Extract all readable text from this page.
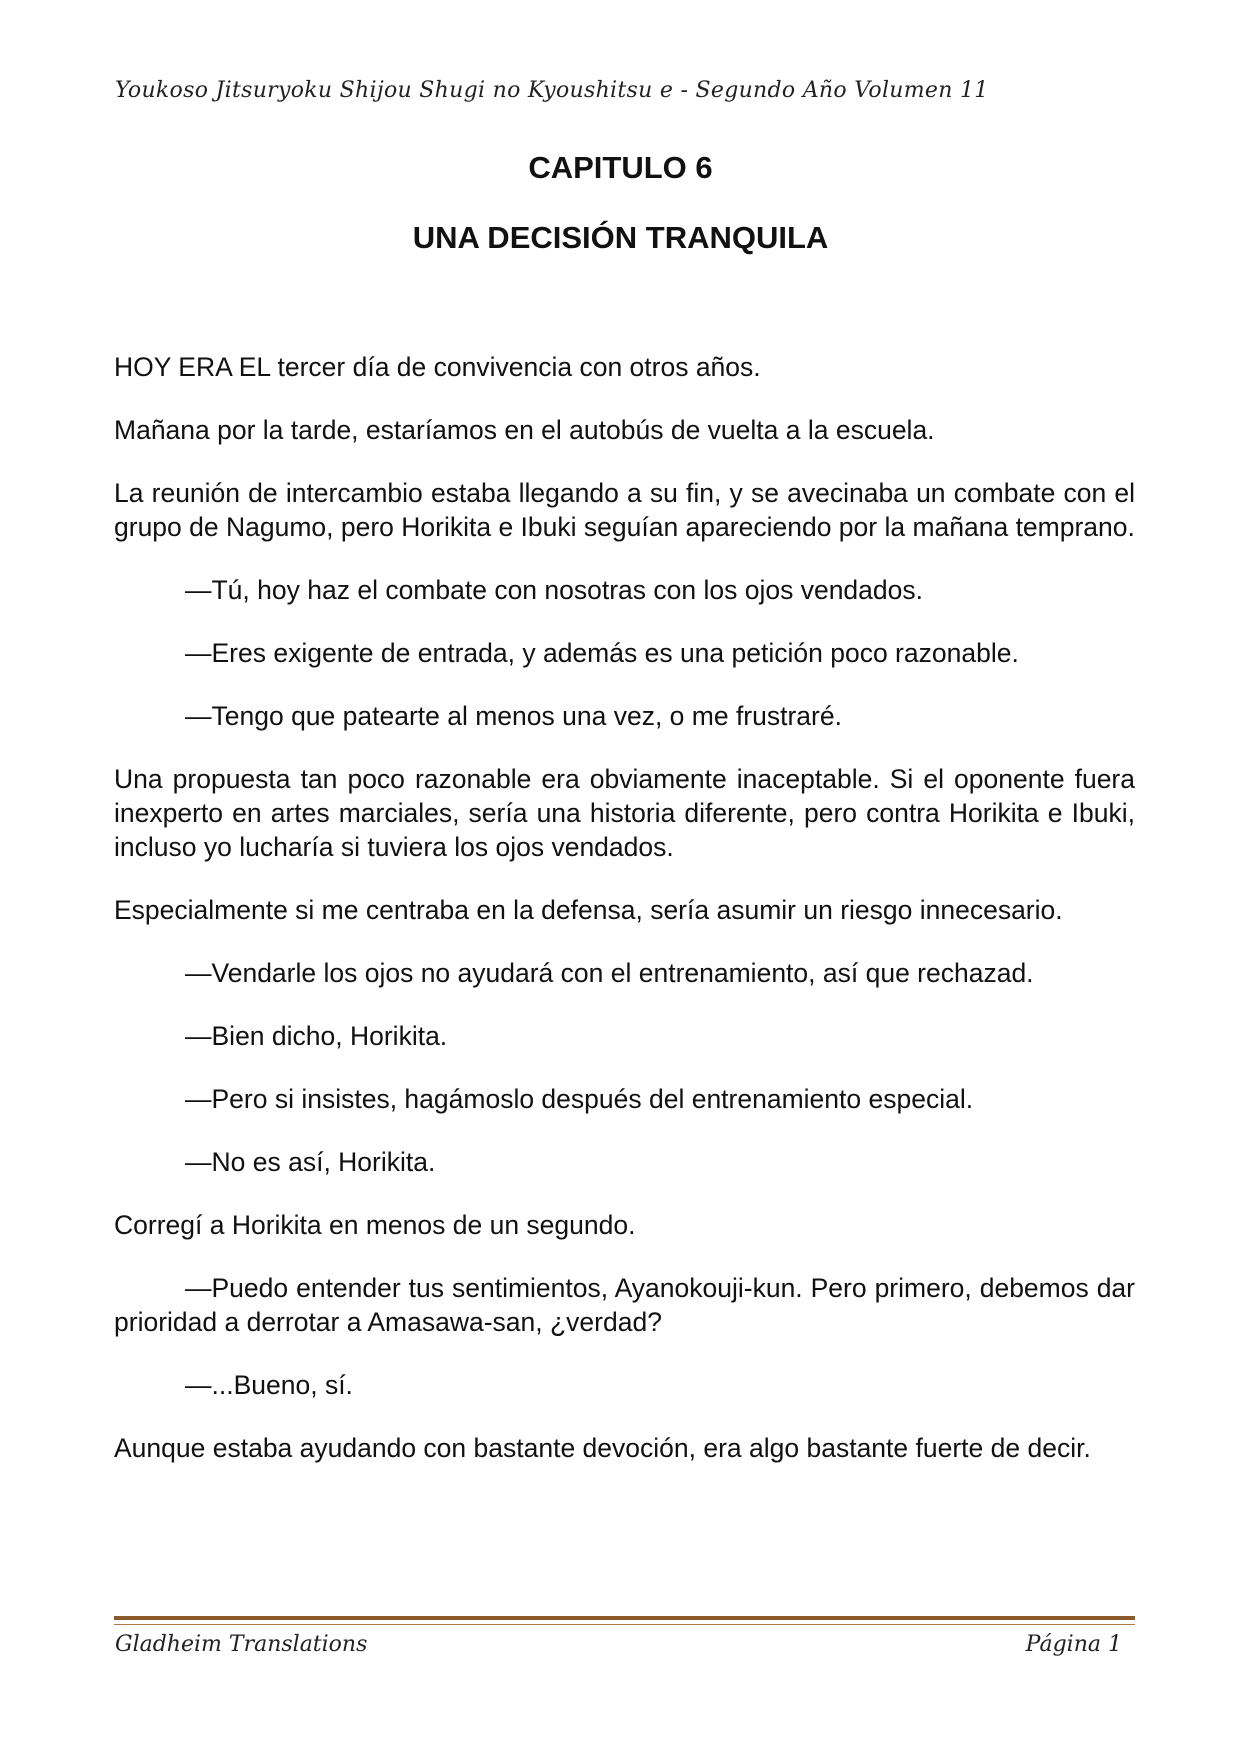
Youkoso Jitsuryoku Shijou Shugi no Kyoushitsu e - Segundo Año Volumen 11
CAPITULO 6
UNA DECISIÓN TRANQUILA

HOY ERA EL tercer día de convivencia con otros años.

Mañana por la tarde, estaríamos en el autobús de vuelta a la escuela.

La reunión de intercambio estaba llegando a su fin, y se avecinaba un combate con el grupo de Nagumo, pero Horikita e Ibuki seguían apareciendo por la mañana temprano.

—Tú, hoy haz el combate con nosotras con los ojos vendados.

—Eres exigente de entrada, y además es una petición poco razonable.

—Tengo que patearte al menos una vez, o me frustraré.

Una propuesta tan poco razonable era obviamente inaceptable. Si el oponente fuera inexperto en artes marciales, sería una historia diferente, pero contra Horikita e Ibuki, incluso yo lucharía si tuviera los ojos vendados.

Especialmente si me centraba en la defensa, sería asumir un riesgo innecesario.

—Vendarle los ojos no ayudará con el entrenamiento, así que rechazad.

—Bien dicho, Horikita.

—Pero si insistes, hagámoslo después del entrenamiento especial.

—No es así, Horikita.

Corregí a Horikita en menos de un segundo.

—Puedo entender tus sentimientos, Ayanokouji-kun. Pero primero, debemos dar prioridad a derrotar a Amasawa-san, ¿verdad?

—...Bueno, sí.

Aunque estaba ayudando con bastante devoción, era algo bastante fuerte de decir.

Gladheim Translations	Página 1
